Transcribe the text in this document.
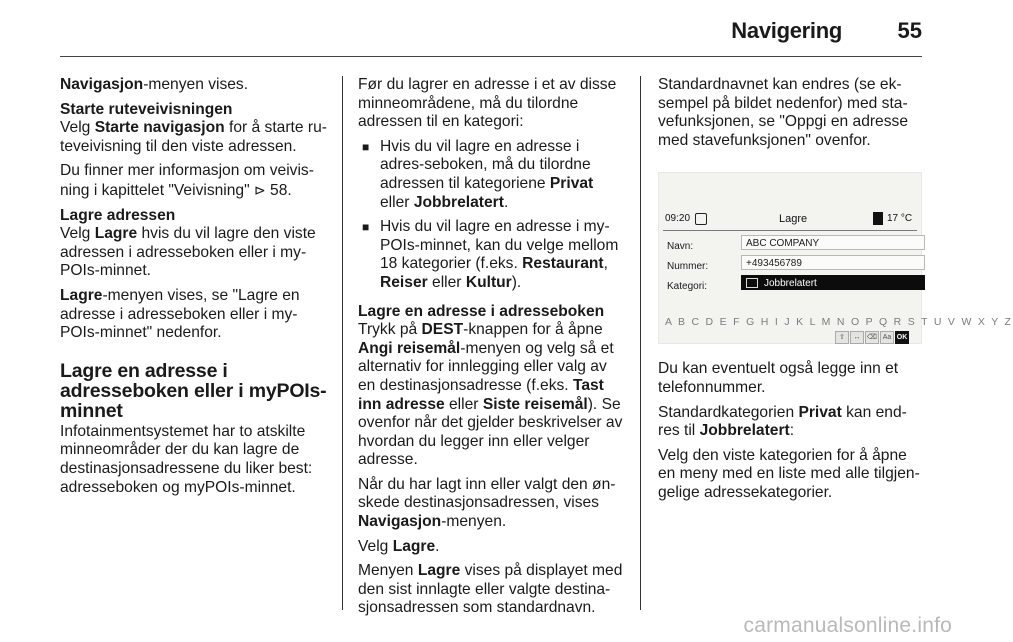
Navigering	55

Navigasjon-menyen vises.

Starte ruteveivisningen

Velg Starte navigasjon for å starte ru-teveivisning til den viste adressen.

Du finner mer informasjon om veivis-ning i kapittelet "Veivisning" ⊳ 58.

Lagre adressen

Velg Lagre hvis du vil lagre den viste adressen i adresseboken eller i my-POIs-minnet.

Lagre-menyen vises, se "Lagre en adresse i adresseboken eller i my-POIs-minnet" nedenfor.

Lagre en adresse i adresseboken eller i myPOIs-minnet

Infotainmentsystemet har to atskilte minneområder der du kan lagre de destinasjonsadressene du liker best: adresseboken og myPOIs-minnet.

Før du lagrer en adresse i et av disse minneområdene, må du tilordne adressen til en kategori:

■ Hvis du vil lagre en adresse i adres-seboken, må du tilordne adressen til kategoriene Privat eller Jobbrelatert.
■ Hvis du vil lagre en adresse i my-POIs-minnet, kan du velge mellom 18 kategorier (f.eks. Restaurant, Reiser eller Kultur).

Lagre en adresse i adresseboken

Trykk på DEST-knappen for å åpne Angi reisemål-menyen og velg så et alternativ for innlegging eller valg av en destinasjonsadresse (f.eks. Tast inn adresse eller Siste reisemål). Se ovenfor når det gjelder beskrivelser av hvordan du legger inn eller velger adresse.

Når du har lagt inn eller valgt den øn-skede destinasjonsadressen, vises Navigasjon-menyen.

Velg Lagre.

Menyen Lagre vises på displayet med den sist innlagte eller valgte destina-sjonsadressen som standardnavn.

Standardnavnet kan endres (se ek-sempel på bildet nedenfor) med sta-vefunksjonen, se "Oppgi en adresse med stavefunksjonen" ovenfor.

09:20	Lagre	17 °C
Navn:	ABC COMPANY
Nummer:	+493456789
Kategori:	Jobbrelatert
A B C D E F G H I J K L M N O P Q R S T U V W X Y Z
⇧ ↔ ⌫ Aa OK

Du kan eventuelt også legge inn et telefonnummer.

Standardkategorien Privat kan end-res til Jobbrelatert:

Velg den viste kategorien for å åpne en meny med en liste med alle tilgjen-gelige adressekategorier.

carmanualsonline.info
